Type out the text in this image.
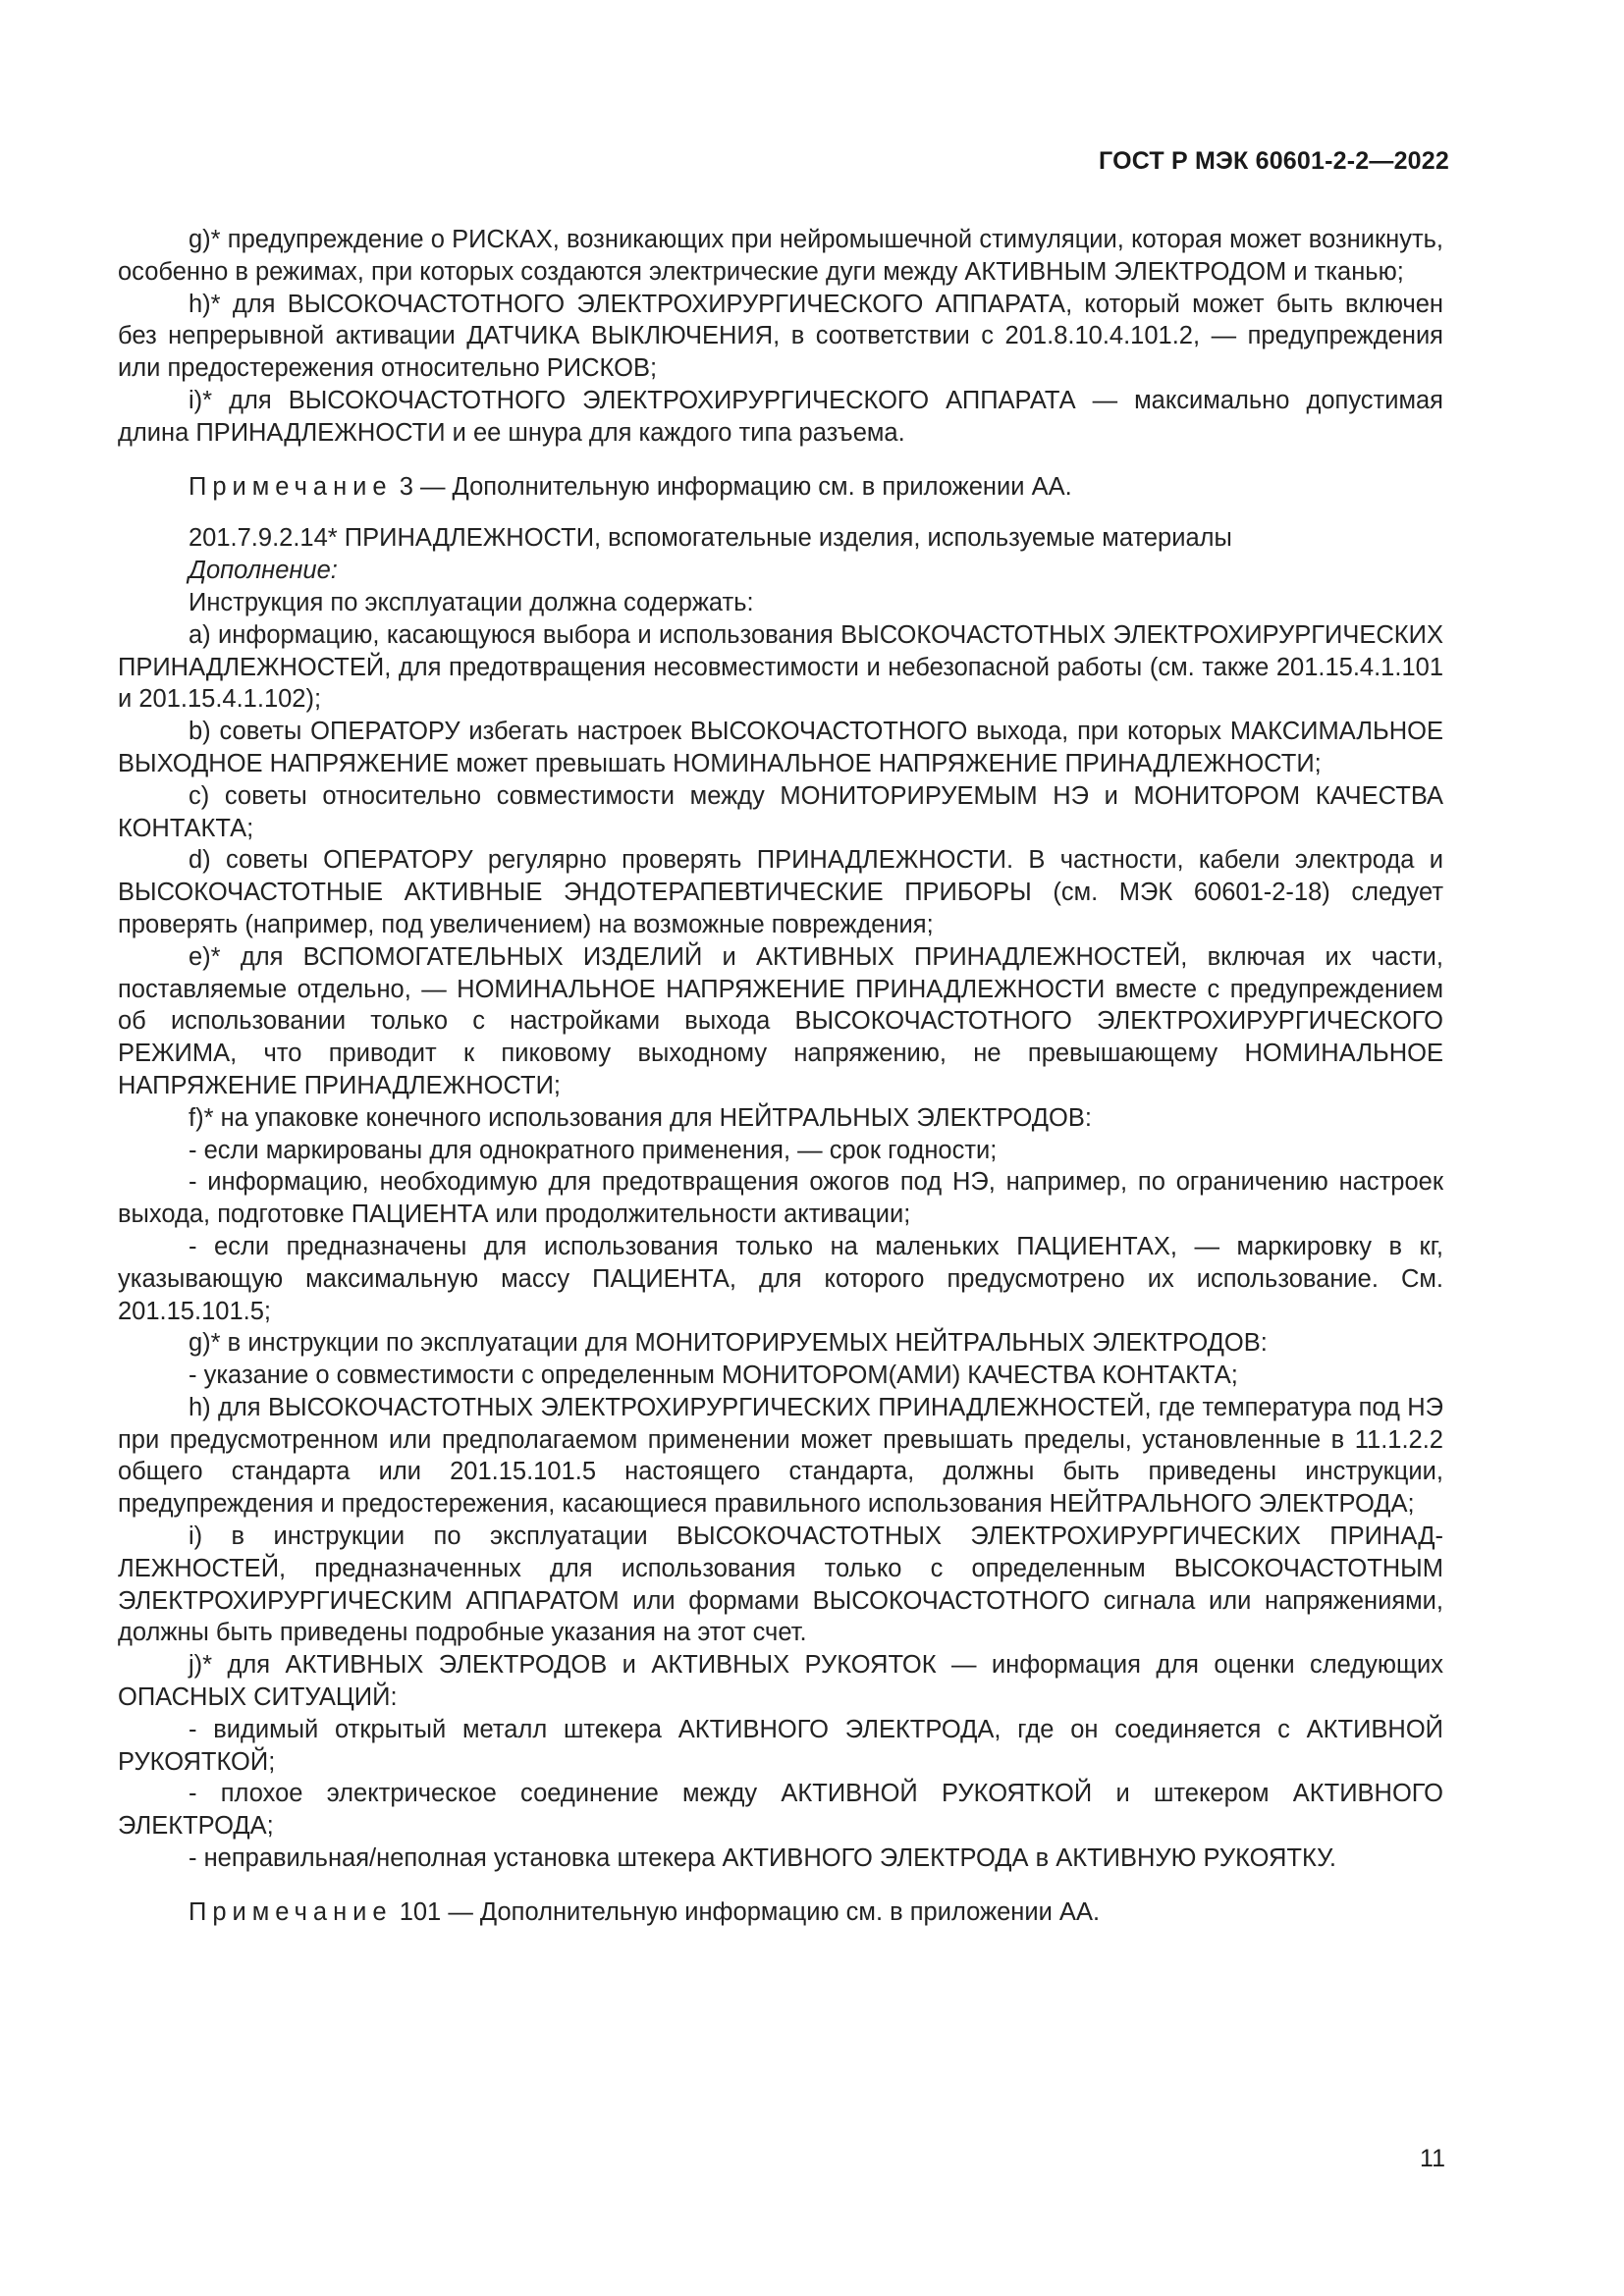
ГОСТ Р МЭК 60601-2-2—2022

g)* предупреждение о РИСКАХ, возникающих при нейромышечной стимуляции, которая может возникнуть, особенно в режимах, при которых создаются электрические дуги между АКТИВНЫМ ЭЛЕКТРОДОМ и тканью;

h)* для ВЫСОКОЧАСТОТНОГО ЭЛЕКТРОХИРУРГИЧЕСКОГО АППАРАТА, который может быть включен без непрерывной активации ДАТЧИКА ВЫКЛЮЧЕНИЯ, в соответствии с 201.8.10.4.101.2, — предупреждения или предостережения относительно РИСКОВ;

i)* для ВЫСОКОЧАСТОТНОГО ЭЛЕКТРОХИРУРГИЧЕСКОГО АППАРАТА — максимально допустимая длина ПРИНАДЛЕЖНОСТИ и ее шнура для каждого типа разъема.

Примечание 3 — Дополнительную информацию см. в приложении АА.

201.7.9.2.14* ПРИНАДЛЕЖНОСТИ, вспомогательные изделия, используемые материалы

Дополнение:

Инструкция по эксплуатации должна содержать:

a) информацию, касающуюся выбора и использования ВЫСОКОЧАСТОТНЫХ ЭЛЕКТРОХИРУРГИЧЕСКИХ ПРИНАДЛЕЖНОСТЕЙ, для предотвращения несовместимости и небезопасной работы (см. также 201.15.4.1.101 и 201.15.4.1.102);

b) советы ОПЕРАТОРУ избегать настроек ВЫСОКОЧАСТОТНОГО выхода, при которых МАКСИМАЛЬНОЕ ВЫХОДНОЕ НАПРЯЖЕНИЕ может превышать НОМИНАЛЬНОЕ НАПРЯЖЕНИЕ ПРИНАДЛЕЖНОСТИ;

c) советы относительно совместимости между МОНИТОРИРУЕМЫМ НЭ и МОНИТОРОМ КАЧЕСТВА КОНТАКТА;

d) советы ОПЕРАТОРУ регулярно проверять ПРИНАДЛЕЖНОСТИ. В частности, кабели электрода и ВЫСОКОЧАСТОТНЫЕ АКТИВНЫЕ ЭНДОТЕРАПЕВТИЧЕСКИЕ ПРИБОРЫ (см. МЭК 60601-2-18) следует проверять (например, под увеличением) на возможные повреждения;

e)* для ВСПОМОГАТЕЛЬНЫХ ИЗДЕЛИЙ и АКТИВНЫХ ПРИНАДЛЕЖНОСТЕЙ, включая их части, поставляемые отдельно, — НОМИНАЛЬНОЕ НАПРЯЖЕНИЕ ПРИНАДЛЕЖНОСТИ вместе с предупреждением об использовании только с настройками выхода ВЫСОКОЧАСТОТНОГО ЭЛЕКТРОХИРУРГИЧЕСКОГО РЕЖИМА, что приводит к пиковому выходному напряжению, не превышающему НОМИНАЛЬНОЕ НАПРЯЖЕНИЕ ПРИНАДЛЕЖНОСТИ;

f)* на упаковке конечного использования для НЕЙТРАЛЬНЫХ ЭЛЕКТРОДОВ:

- если маркированы для однократного применения, — срок годности;

- информацию, необходимую для предотвращения ожогов под НЭ, например, по ограничению настроек выхода, подготовке ПАЦИЕНТА или продолжительности активации;

- если предназначены для использования только на маленьких ПАЦИЕНТАХ, — маркировку в кг, указывающую максимальную массу ПАЦИЕНТА, для которого предусмотрено их использование. См. 201.15.101.5;

g)* в инструкции по эксплуатации для МОНИТОРИРУЕМЫХ НЕЙТРАЛЬНЫХ ЭЛЕКТРОДОВ:

- указание о совместимости с определенным МОНИТОРОМ(АМИ) КАЧЕСТВА КОНТАКТА;

h) для ВЫСОКОЧАСТОТНЫХ ЭЛЕКТРОХИРУРГИЧЕСКИХ ПРИНАДЛЕЖНОСТЕЙ, где температура под НЭ при предусмотренном или предполагаемом применении может превышать пределы, установленные в 11.1.2.2 общего стандарта или 201.15.101.5 настоящего стандарта, должны быть приведены инструкции, предупреждения и предостережения, касающиеся правильного использования НЕЙТРАЛЬНОГО ЭЛЕКТРОДА;

i) в инструкции по эксплуатации ВЫСОКОЧАСТОТНЫХ ЭЛЕКТРОХИРУРГИЧЕСКИХ ПРИНАДЛЕЖНОСТЕЙ, предназначенных для использования только с определенным ВЫСОКОЧАСТОТНЫМ ЭЛЕКТРОХИРУРГИЧЕСКИМ АППАРАТОМ или формами ВЫСОКОЧАСТОТНОГО сигнала или напряжениями, должны быть приведены подробные указания на этот счет.

j)* для АКТИВНЫХ ЭЛЕКТРОДОВ и АКТИВНЫХ РУКОЯТОК — информация для оценки следующих ОПАСНЫХ СИТУАЦИЙ:

- видимый открытый металл штекера АКТИВНОГО ЭЛЕКТРОДА, где он соединяется с АКТИВНОЙ РУКОЯТКОЙ;

- плохое электрическое соединение между АКТИВНОЙ РУКОЯТКОЙ и штекером АКТИВНОГО ЭЛЕКТРОДА;

- неправильная/неполная установка штекера АКТИВНОГО ЭЛЕКТРОДА в АКТИВНУЮ РУКОЯТКУ.

Примечание 101 — Дополнительную информацию см. в приложении АА.

11
